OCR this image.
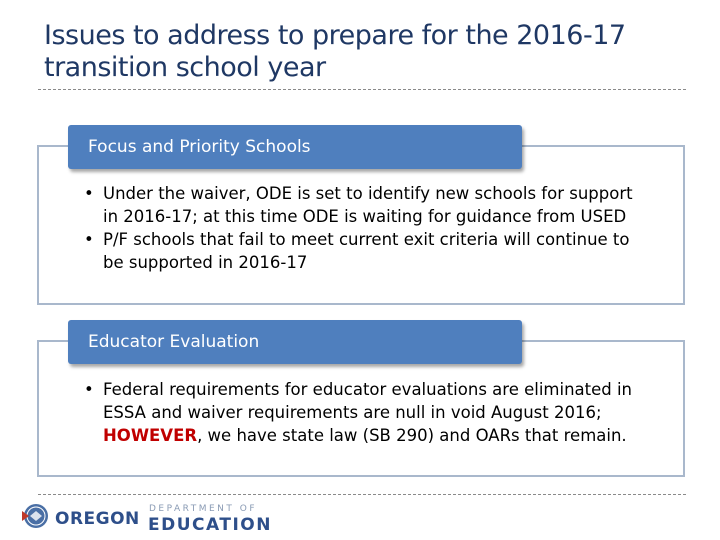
Issues to address to prepare for the 2016-17
transition school year
Focus and Priority Schools
• Under the waiver, ODE is set to identify new schools for support in 2016-17; at this time ODE is waiting for guidance from USED
• P/F schools that fail to meet current exit criteria will continue to be supported in 2016-17
Educator Evaluation
• Federal requirements for educator evaluations are eliminated in ESSA and waiver requirements are null in void August 2016; HOWEVER, we have state law (SB 290) and OARs that remain.
OREGON DEPARTMENT OF
EDUCATION
